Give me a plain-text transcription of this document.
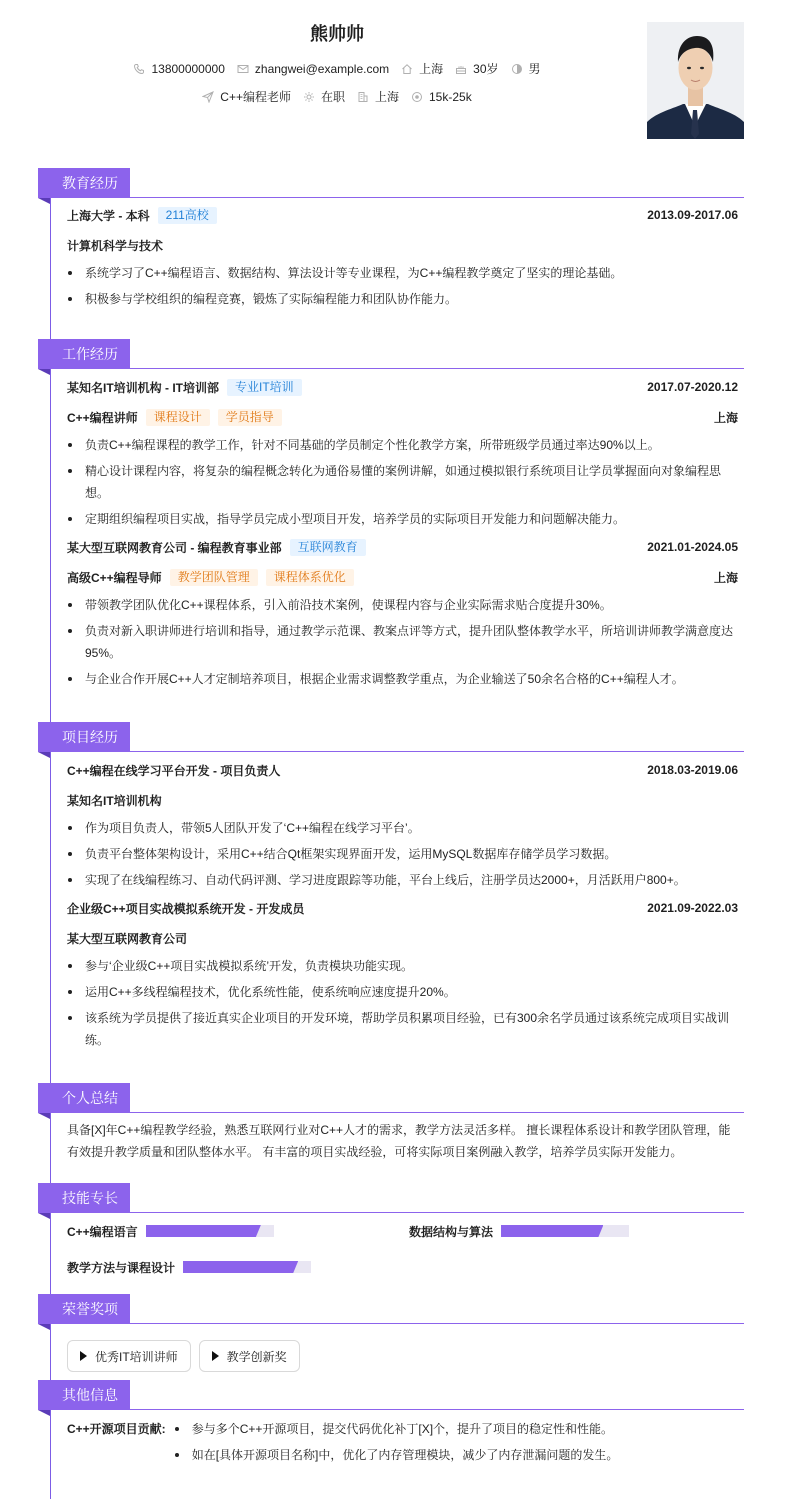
熊帅帅
13800000000	zhangwei@example.com	上海	30岁	男
C++编程老师	在职	上海	15k-25k
教育经历
上海大学 - 本科	211高校	2013.09-2017.06
计算机科学与技术
系统学习了C++编程语言、数据结构、算法设计等专业课程，为C++编程教学奠定了坚实的理论基础。
积极参与学校组织的编程竞赛，锻炼了实际编程能力和团队协作能力。
工作经历
某知名IT培训机构 - IT培训部	专业IT培训	2017.07-2020.12
C++编程讲师	课程设计	学员指导	上海
负责C++编程课程的教学工作，针对不同基础的学员制定个性化教学方案，所带班级学员通过率达90%以上。
精心设计课程内容，将复杂的编程概念转化为通俗易懂的案例讲解，如通过模拟银行系统项目让学员掌握面向对象编程思想。
定期组织编程项目实战，指导学员完成小型项目开发，培养学员的实际项目开发能力和问题解决能力。
某大型互联网教育公司 - 编程教育事业部	互联网教育	2021.01-2024.05
高级C++编程导师	教学团队管理	课程体系优化	上海
带领教学团队优化C++课程体系，引入前沿技术案例，使课程内容与企业实际需求贴合度提升30%。
负责对新入职讲师进行培训和指导，通过教学示范课、教案点评等方式，提升团队整体教学水平，所培训讲师教学满意度达95%。
与企业合作开展C++人才定制培养项目，根据企业需求调整教学重点，为企业输送了50余名合格的C++编程人才。
项目经历
C++编程在线学习平台开发 - 项目负责人	2018.03-2019.06
某知名IT培训机构
作为项目负责人，带领5人团队开发了‘C++编程在线学习平台’。
负责平台整体架构设计，采用C++结合Qt框架实现界面开发，运用MySQL数据库存储学员学习数据。
实现了在线编程练习、自动代码评测、学习进度跟踪等功能，平台上线后，注册学员达2000+，月活跃用户800+。
企业级C++项目实战模拟系统开发 - 开发成员	2021.09-2022.03
某大型互联网教育公司
参与‘企业级C++项目实战模拟系统’开发，负责模块功能实现。
运用C++多线程编程技术，优化系统性能，使系统响应速度提升20%。
该系统为学员提供了接近真实企业项目的开发环境，帮助学员积累项目经验，已有300余名学员通过该系统完成项目实战训练。
个人总结
具备[X]年C++编程教学经验，熟悉互联网行业对C++人才的需求，教学方法灵活多样。 擅长课程体系设计和教学团队管理，能有效提升教学质量和团队整体水平。 有丰富的项目实战经验，可将实际项目案例融入教学，培养学员实际开发能力。
技能专长
C++编程语言	数据结构与算法
教学方法与课程设计
荣誉奖项
优秀IT培训讲师	教学创新奖
其他信息
C++开源项目贡献:	参与多个C++开源项目，提交代码优化补丁[X]个，提升了项目的稳定性和性能。
如在[具体开源项目名称]中，优化了内存管理模块，减少了内存泄漏问题的发生。
